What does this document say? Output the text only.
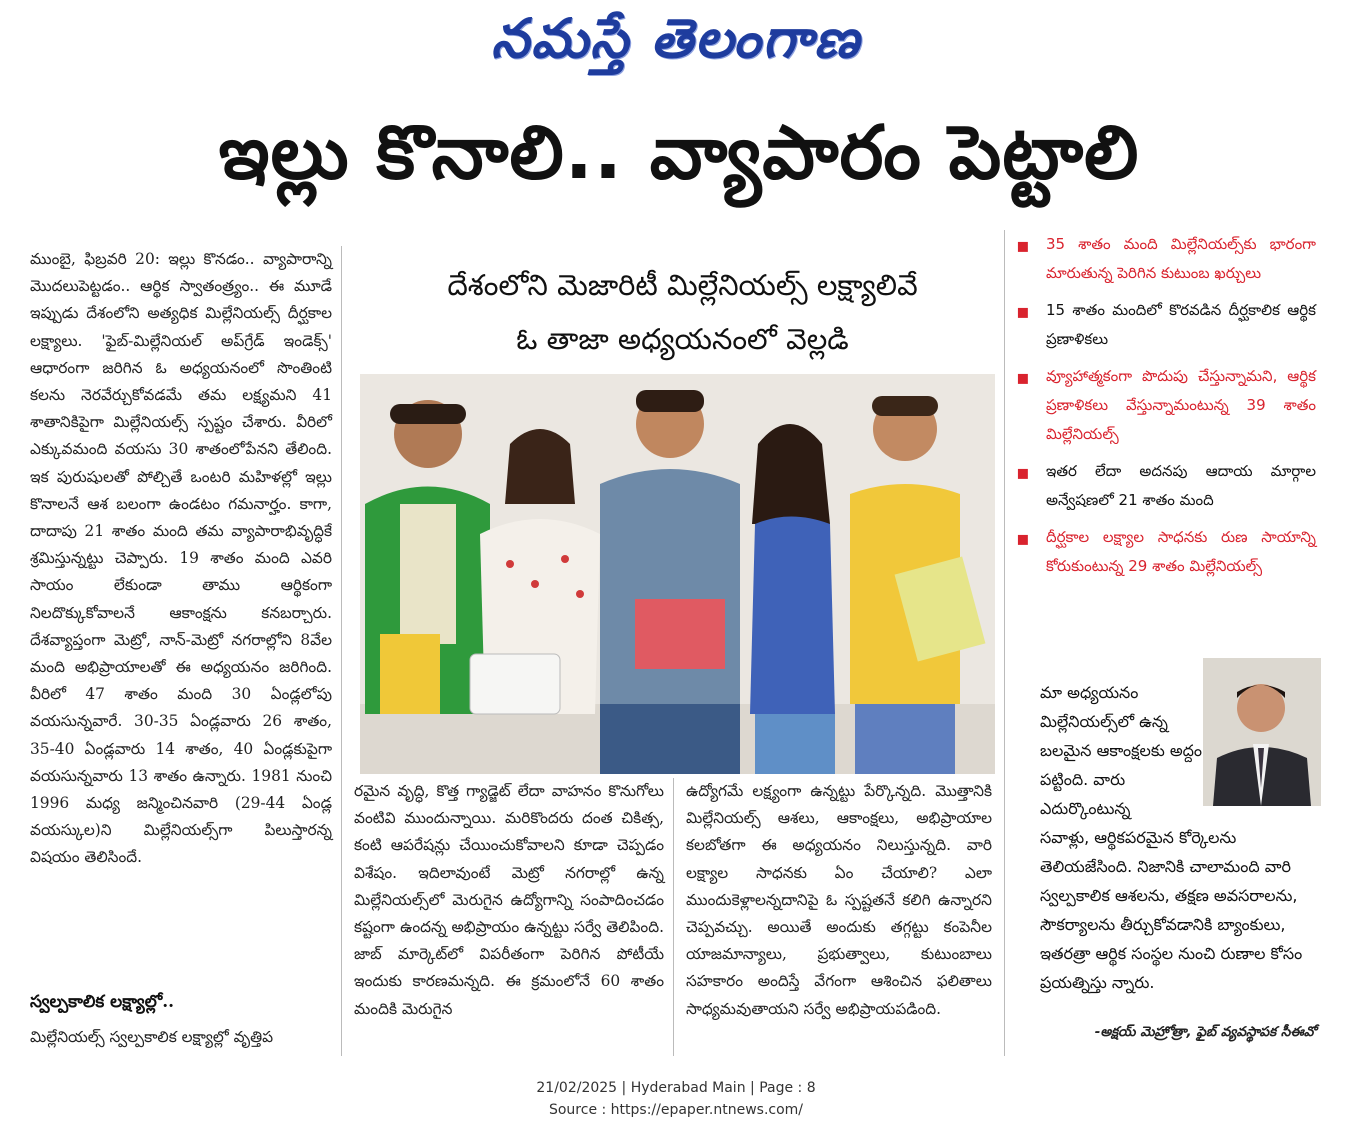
నమస్తే తెలంగాణ
ఇల్లు కొనాలి.. వ్యాపారం పెట్టాలి

ముంబై, ఫిబ్రవరి 20: ఇల్లు కొనడం.. వ్యాపారాన్ని మొదలుపెట్టడం.. ఆర్థిక స్వాతంత్ర్యం.. ఈ మూడే ఇప్పుడు దేశంలోని అత్యధిక మిల్లేనియల్స్ దీర్ఘకాల లక్ష్యాలు. 'ఫైబ్-మిల్లేనియల్ అప్‌గ్రేడ్ ఇండెక్స్' ఆధారంగా జరిగిన ఓ అధ్యయనంలో సొంతింటి కలను నెరవేర్చుకోవడమే తమ లక్ష్యమని 41 శాతానికిపైగా మిల్లేనియల్స్ స్పష్టం చేశారు. వీరిలో ఎక్కువమంది వయసు 30 శాతంలోపేనని తేలింది. ఇక పురుషులతో పోల్చితే ఒంటరి మహిళల్లో ఇల్లు కొనాలనే ఆశ బలంగా ఉండటం గమనార్హం. కాగా, దాదాపు 21 శాతం మంది తమ వ్యాపారాభివృద్ధికే శ్రమిస్తున్నట్టు చెప్పారు. 19 శాతం మంది ఎవరి సాయం లేకుండా తాము ఆర్థికంగా నిలదొక్కుకోవాలనే ఆకాంక్షను కనబర్చారు. దేశవ్యాప్తంగా మెట్రో, నాన్-మెట్రో నగరాల్లోని 8వేల మంది అభిప్రాయాలతో ఈ అధ్యయనం జరిగింది. వీరిలో 47 శాతం మంది 30 ఏండ్లలోపు వయసున్నవారే. 30-35 ఏండ్లవారు 26 శాతం, 35-40 ఏండ్లవారు 14 శాతం, 40 ఏండ్లకుపైగా వయసున్నవారు 13 శాతం ఉన్నారు. 1981 నుంచి 1996 మధ్య జన్మించినవారి (29-44 ఏండ్ల వయస్కుల)ని మిల్లేనియల్స్‌గా పిలుస్తారన్న విషయం తెలిసిందే.

స్వల్పకాలిక లక్ష్యాల్లో..

మిల్లేనియల్స్ స్వల్పకాలిక లక్ష్యాల్లో వృత్తిప

దేశంలోని మెజారిటీ మిల్లేనియల్స్ లక్ష్యాలివే
ఓ తాజా అధ్యయనంలో వెల్లడి

రమైన వృద్ధి, కొత్త గ్యాడ్జెట్ లేదా వాహనం కొనుగోలు వంటివి ముందున్నాయి. మరికొందరు దంత చికిత్స, కంటి ఆపరేషన్లు చేయించుకోవాలని కూడా చెప్పడం విశేషం. ఇదిలావుంటే మెట్రో నగరాల్లో ఉన్న మిల్లేనియల్స్‌లో మెరుగైన ఉద్యోగాన్ని సంపాదించడం కష్టంగా ఉందన్న అభిప్రాయం ఉన్నట్టు సర్వే తెలిపింది. జాబ్ మార్కెట్‌లో విపరీతంగా పెరిగిన పోటీయే ఇందుకు కారణమన్నది. ఈ క్రమంలోనే 60 శాతం మందికి మెరుగైన

ఉద్యోగమే లక్ష్యంగా ఉన్నట్టు పేర్కొన్నది. మొత్తానికి మిల్లేనియల్స్ ఆశలు, ఆకాంక్షలు, అభిప్రాయాల కలబోతగా ఈ అధ్యయనం నిలుస్తున్నది. వారి లక్ష్యాల సాధనకు ఏం చేయాలి? ఎలా ముందుకెళ్లాలన్నదానిపై ఓ స్పష్టతనే కలిగి ఉన్నారని చెప్పవచ్చు. అయితే అందుకు తగ్గట్టు కంపెనీల యాజమాన్యాలు, ప్రభుత్వాలు, కుటుంబాలు సహకారం అందిస్తే వేగంగా ఆశించిన ఫలితాలు సాధ్యమవుతాయని సర్వే అభిప్రాయపడింది.

▪ 35 శాతం మంది మిల్లేనియల్స్‌కు భారంగా మారుతున్న పెరిగిన కుటుంబ ఖర్చులు
▪ 15 శాతం మందిలో కొరవడిన దీర్ఘకాలిక ఆర్థిక ప్రణాళికలు
▪ వ్యూహాత్మకంగా పొదుపు చేస్తున్నామని, ఆర్థిక ప్రణాళికలు వేస్తున్నామంటున్న 39 శాతం మిల్లేనియల్స్
▪ ఇతర లేదా అదనపు ఆదాయ మార్గాల అన్వేషణలో 21 శాతం మంది
▪ దీర్ఘకాల లక్ష్యాల సాధనకు రుణ సాయాన్ని కోరుకుంటున్న 29 శాతం మిల్లేనియల్స్
మా అధ్యయనం మిల్లేనియల్స్‌లో ఉన్న బలమైన ఆకాంక్షలకు అద్దం పట్టింది. వారు ఎదుర్కొంటున్న
సవాళ్లు, ఆర్థికపరమైన కోర్కెలను తెలియజేసింది. నిజానికి చాలామంది వారి స్వల్పకాలిక ఆశలను, తక్షణ అవసరాలను, సౌకర్యాలను తీర్చుకోవడానికి బ్యాంకులు, ఇతరత్రా ఆర్థిక సంస్థల నుంచి రుణాల కోసం ప్రయత్నిస్తు న్నారు.
-అక్షయ్ మెహ్రోత్రా, ఫైబ్ వ్యవస్థాపక సీఈవో
21/02/2025 | Hyderabad Main | Page : 8
Source : https://epaper.ntnews.com/
